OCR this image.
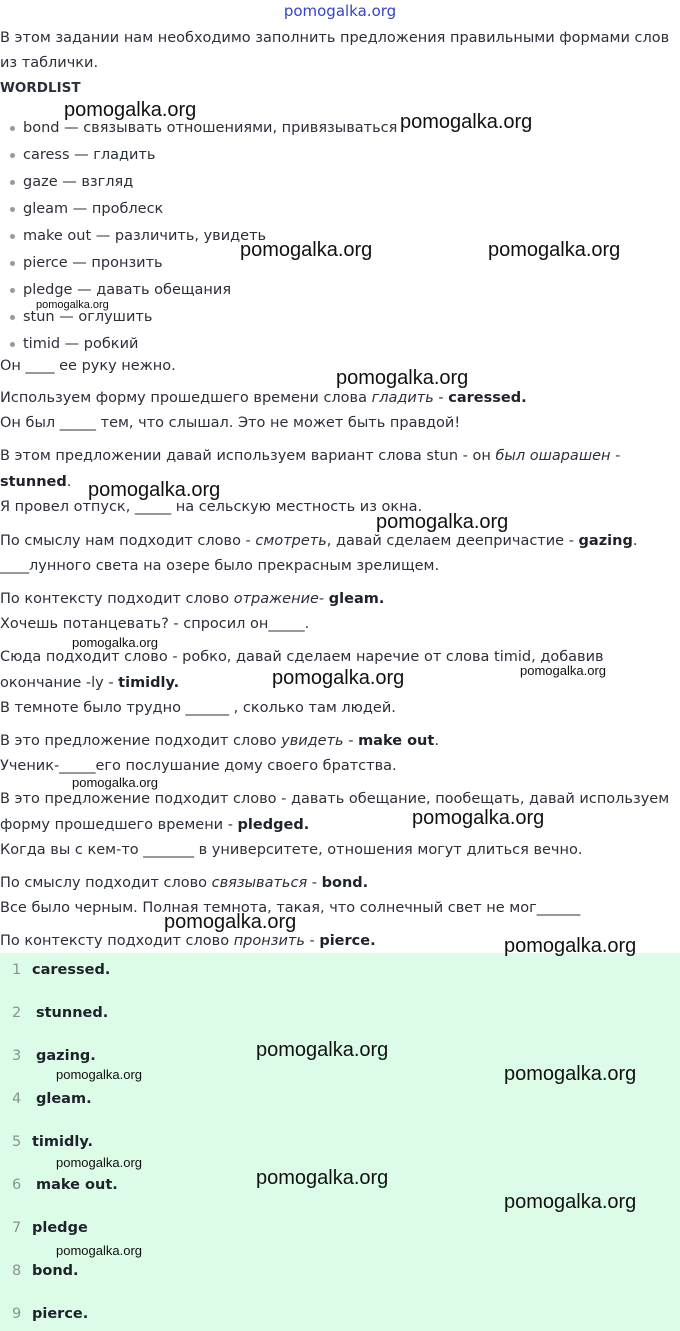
pomogalka.org
В этом задании нам необходимо заполнить предложения правильными формами слов
из таблички.
WORDLIST
bond — связывать отношениями, привязываться
caress — гладить
gaze — взгляд
gleam — проблеск
make out — различить, увидеть
pierce — пронзить
pledge — давать обещания
stun — оглушить
timid — робкий
Он ____ ее руку нежно.
Используем форму прошедшего времени слова гладить - caressed.
Он был _____ тем, что слышал. Это не может быть правдой!
В этом предложении давай используем вариант слова stun - он был ошарашен -
stunned.
Я провел отпуск, _____ на сельскую местность из окна.
По смыслу нам подходит слово - смотреть, давай сделаем деепричастие - gazing.
____лунного света на озере было прекрасным зрелищем.
По контексту подходит слово отражение- gleam.
Хочешь потанцевать? - спросил он_____.
Сюда подходит слово - робко, давай сделаем наречие от слова timid, добавив
окончание -ly - timidly.
В темноте было трудно ______ , сколько там людей.
В это предложение подходит слово увидеть - make out.
Ученик-_____его послушание дому своего братства.
В это предложение подходит слово - давать обещание, пообещать, давай используем
форму прошедшего времени - pledged.
Когда вы с кем-то _______ в университете, отношения могут длиться вечно.
По смыслу подходит слово связываться - bond.
Все было черным. Полная темнота, такая, что солнечный свет не мог______
По контексту подходит слово пронзить - pierce.
1 caressed.
2 stunned.
3 gazing.
4 gleam.
5 timidly.
6 make out.
7 pledge
8 bond.
9 pierce.
pomogalka.org
pomogalka.org
pomogalka.org	pomogalka.org
pomogalka.org
pomogalka.org
pomogalka.org
pomogalka.org
pomogalka.org
pomogalka.org	pomogalka.org
pomogalka.org
pomogalka.org
pomogalka.org
pomogalka.org
pomogalka.org
pomogalka.org	pomogalka.org
pomogalka.org
pomogalka.org
pomogalka.org
pomogalka.org
